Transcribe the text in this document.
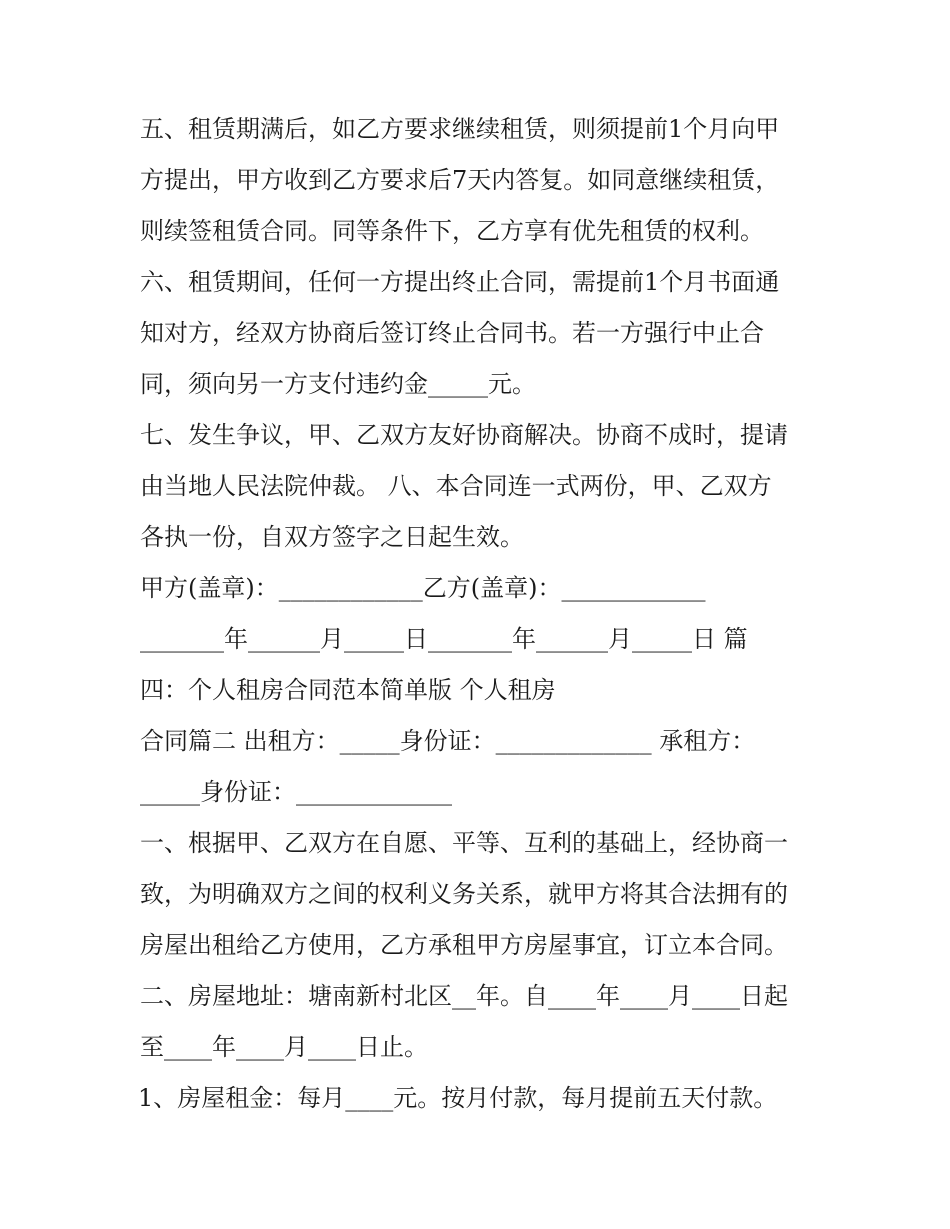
五、租赁期满后，如乙方要求继续租赁，则须提前1个月向甲

方提出，甲方收到乙方要求后7天内答复。如同意继续租赁，

则续签租赁合同。同等条件下，乙方享有优先租赁的权利。

六、租赁期间，任何一方提出终止合同，需提前1个月书面通

知对方，经双方协商后签订终止合同书。若一方强行中止合

同，须向另一方支付违约金_____元。

七、发生争议，甲、乙双方友好协商解决。协商不成时，提请

由当地人民法院仲裁。 八、本合同连一式两份，甲、乙双方

各执一份，自双方签字之日起生效。

甲方(盖章)：____________乙方(盖章)：____________

_______年______月_____日_______年______月_____日 篇

四：个人租房合同范本简单版 个人租房

合同篇二 出租方：_____身份证：_____________ 承租方：

_____身份证：_____________

一、根据甲、乙双方在自愿、平等、互利的基础上，经协商一

致，为明确双方之间的权利义务关系，就甲方将其合法拥有的

房屋出租给乙方使用，乙方承租甲方房屋事宜，订立本合同。

二、房屋地址：塘南新村北区__年。自____年____月____日起

至____年____月____日止。

1、房屋租金：每月____元。按月付款，每月提前五天付款。
